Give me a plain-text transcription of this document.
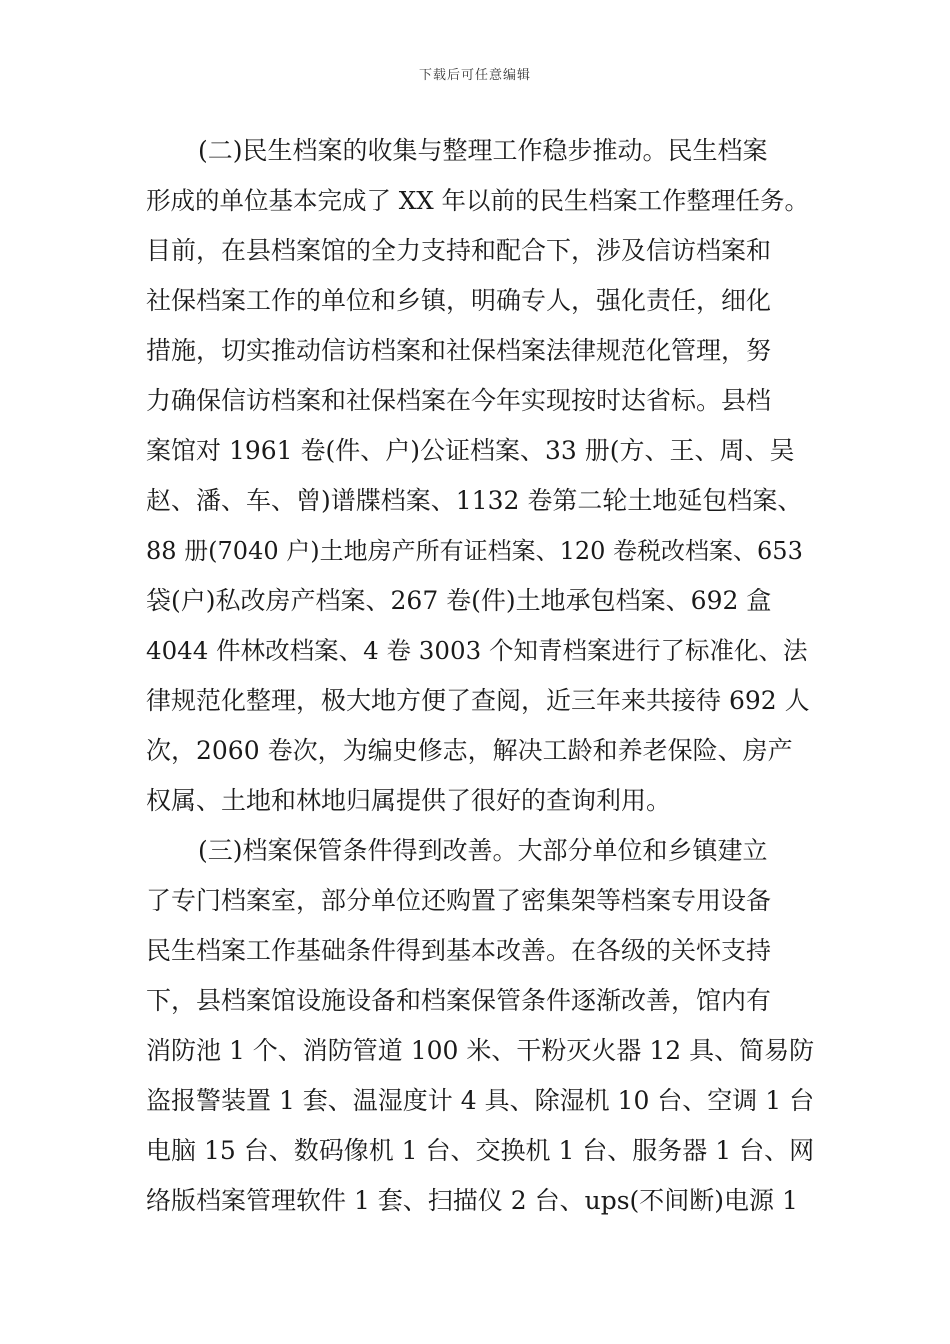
下载后可任意编辑
(二)民生档案的收集与整理工作稳步推动。民生档案
形成的单位基本完成了 XX 年以前的民生档案工作整理任务。
目前，在县档案馆的全力支持和配合下，涉及信访档案和
社保档案工作的单位和乡镇，明确专人，强化责任，细化
措施，切实推动信访档案和社保档案法律规范化管理，努
力确保信访档案和社保档案在今年实现按时达省标。县档
案馆对 1961 卷(件、户)公证档案、33 册(方、王、周、吴
赵、潘、车、曾)谱牒档案、1132 卷第二轮土地延包档案、
88 册(7040 户)土地房产所有证档案、120 卷税改档案、653
袋(户)私改房产档案、267 卷(件)土地承包档案、692 盒
4044 件林改档案、4 卷 3003 个知青档案进行了标准化、法
律规范化整理，极大地方便了查阅，近三年来共接待 692 人
次，2060 卷次，为编史修志，解决工龄和养老保险、房产
权属、土地和林地归属提供了很好的查询利用。
(三)档案保管条件得到改善。大部分单位和乡镇建立
了专门档案室，部分单位还购置了密集架等档案专用设备
民生档案工作基础条件得到基本改善。在各级的关怀支持
下，县档案馆设施设备和档案保管条件逐渐改善，馆内有
消防池 1 个、消防管道 100 米、干粉灭火器 12 具、简易防
盗报警装置 1 套、温湿度计 4 具、除湿机 10 台、空调 1 台
电脑 15 台、数码像机 1 台、交换机 1 台、服务器 1 台、网
络版档案管理软件 1 套、扫描仪 2 台、ups(不间断)电源 1
